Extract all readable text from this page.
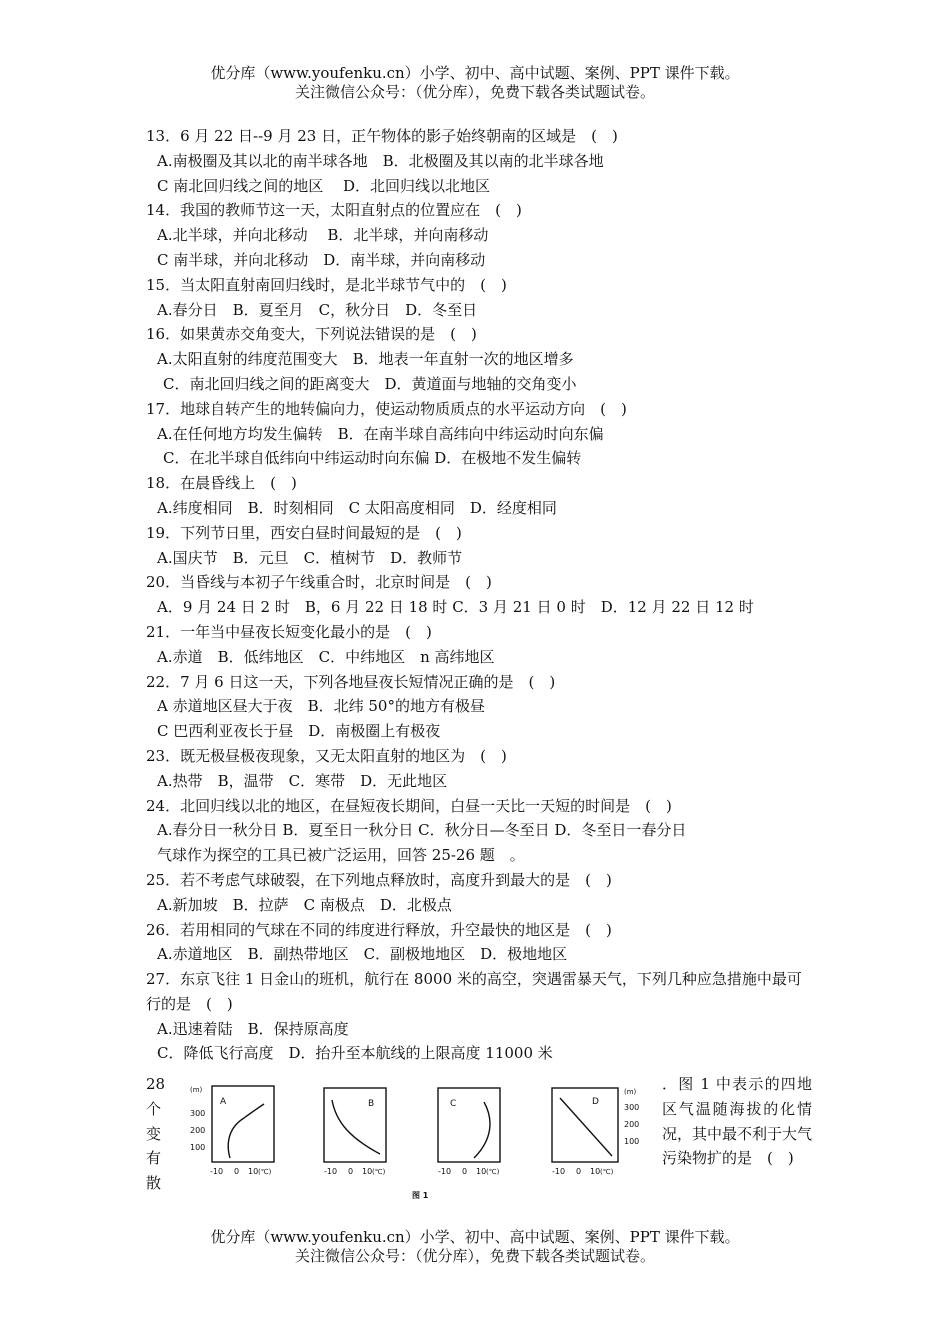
优分库（www.youfenku.cn）小学、初中、高中试题、案例、PPT 课件下载。
关注微信公众号：（优分库），免费下载各类试题试卷。
13．6 月 22 日--9 月 23 日，正午物体的影子始终朝南的区域是　(　)
A.南极圈及其以北的南半球各地　B．北极圈及其以南的北半球各地
C 南北回归线之间的地区　 D．北回归线以北地区
14．我国的教师节这一天，太阳直射点的位置应在　(　)
A.北半球，并向北移动　 B．北半球，并向南移动
C 南半球，并向北移动　D．南半球，并向南移动
15．当太阳直射南回归线时，是北半球节气中的　(　)
A.春分日　B．夏至月　C，秋分日　D．冬至日
16．如果黄赤交角变大，下列说法错误的是　(　)
A.太阳直射的纬度范围变大　B．地表一年直射一次的地区增多
C．南北回归线之间的距离变大　D．黄道面与地轴的交角变小
17．地球自转产生的地转偏向力，使运动物质质点的水平运动方向　(　)
A.在任何地方均发生偏转　B．在南半球自高纬向中纬运动时向东偏
C．在北半球自低纬向中纬运动时向东偏 D．在极地不发生偏转
18．在晨昏线上　(　)
A.纬度相同　B．时刻相同　C 太阳高度相同　D．经度相同
19．下列节日里，西安白昼时间最短的是　(　)
A.国庆节　B．元旦　C．植树节　D．教师节
20．当昏线与本初子午线重合时，北京时间是　(　)
A．9 月 24 日 2 时　B，6 月 22 日 18 时 C．3 月 21 日 0 时　D．12 月 22 日 12 时
21．一年当中昼夜长短变化最小的是　(　)
A.赤道　B．低纬地区　C．中纬地区　n 高纬地区
22．7 月 6 日这一天，下列各地昼夜长短情况正确的是　(　)
A 赤道地区昼大于夜　B．北纬 50°的地方有极昼
C 巴西利亚夜长于昼　D．南极圈上有极夜
23．既无极昼极夜现象，又无太阳直射的地区为　(　)
A.热带　B，温带　C．寒带　D．无此地区
24．北回归线以北的地区，在昼短夜长期间，白昼一天比一天短的时间是　(　)
A.春分日一秋分日 B．夏至日一秋分日 C．秋分日—冬至日 D．冬至日一春分日
气球作为探空的工具已被广泛运用，回答 25-26 题　。
25．若不考虑气球破裂，在下列地点释放时，高度升到最大的是　(　)
A.新加坡　B．拉萨　C 南极点　D．北极点
26．若用相同的气球在不同的纬度进行释放，升空最快的地区是　(　)
A.赤道地区　B．副热带地区　C．副极地地区　D．极地地区
27．东京飞往 1 日金山的班机，航行在 8000 米的高空，突遇雷暴天气，下列几种应急措施中最可行的是　(　)
A.迅速着陆　B．保持原高度
C．降低飞行高度　D．抬升至本航线的上限高度 11000 米
28
个
变
有
散
(m)
300
200
100
A
-10 0 10 (℃)
B
-10 0 10 (℃)
C
-10 0 10 (℃)
D
(m)
300
200
100
-10 0 10 (℃)
图 1
．图 1 中表示的四地区气温随海拔的化情况，其中最不利于大气污染物扩的是　(　)
优分库（www.youfenku.cn）小学、初中、高中试题、案例、PPT 课件下载。
关注微信公众号：（优分库），免费下载各类试题试卷。
